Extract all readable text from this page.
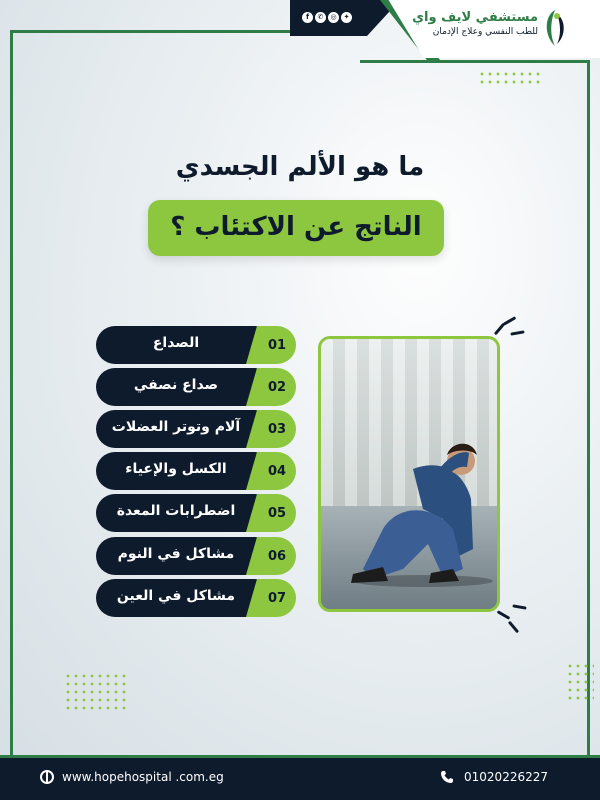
f	✆	◎	✦	مستشفي لايف واي
للطب النفسي وعلاج الإدمان
ما هو الألم الجسدي
الناتج عن الاكتئاب ؟
01
الصداع
02
صداع نصفي
03
آلام وتوتر العضلات
04
الكسل والإعياء
05
اضطرابات المعدة
06
مشاكل في النوم
07
مشاكل في العين
www.hopehospital .com.eg	01020226227
